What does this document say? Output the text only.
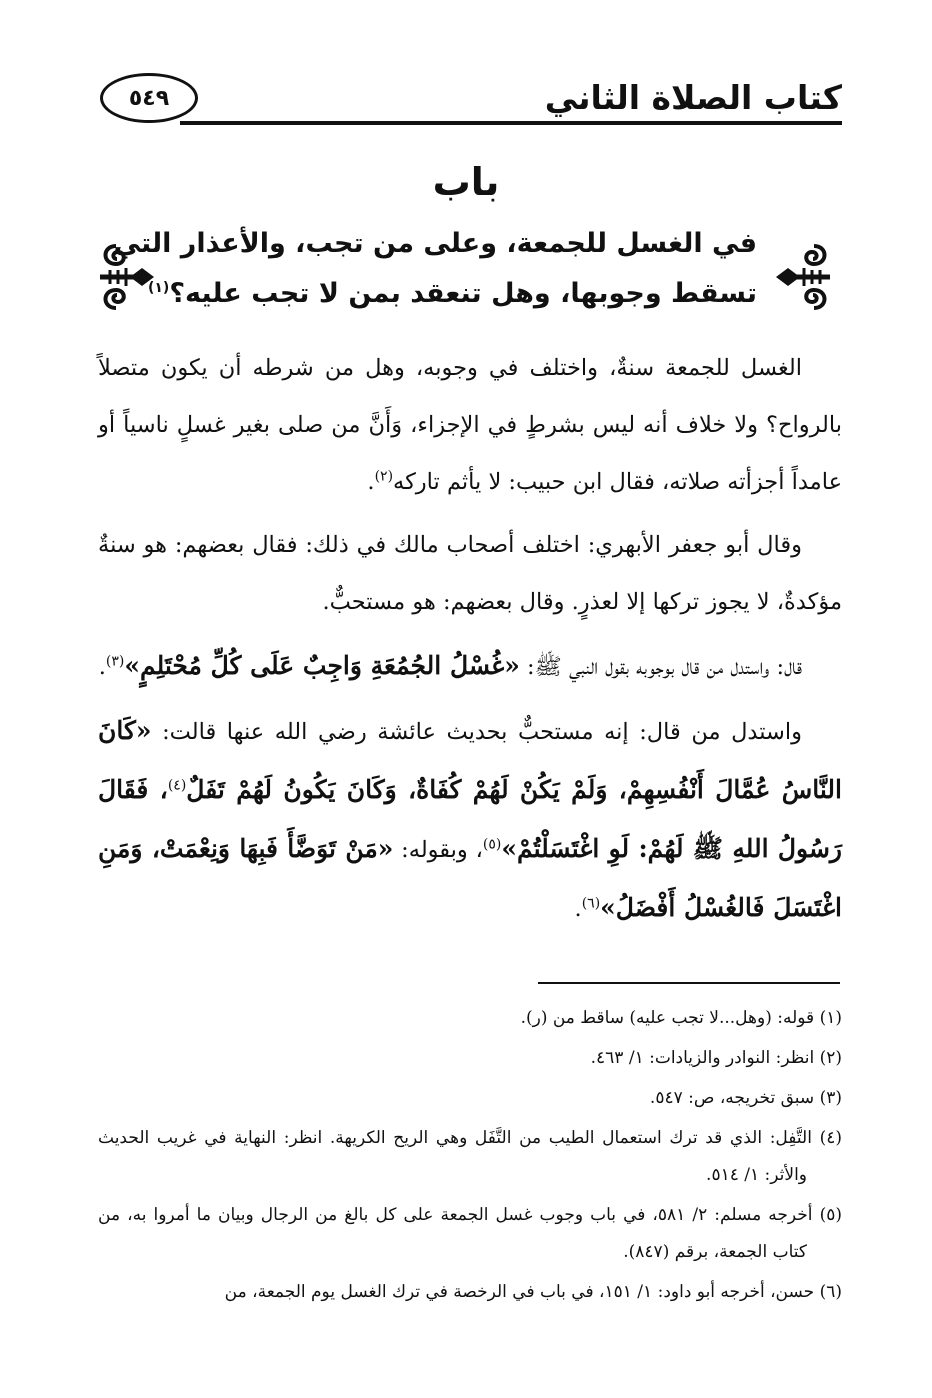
كتاب الصلاة الثاني
٥٤٩
باب
في الغسل للجمعة، وعلى من تجب، والأعذار التي
تسقط وجوبها، وهل تنعقد بمن لا تجب عليه؟$^{(١)}$

الغسل للجمعة سنةٌ، واختلف في وجوبه، وهل من شرطه أن يكون متصلاً بالرواح؟ ولا خلاف أنه ليس بشرطٍ في الإجزاء، وَأَنَّ من صلى بغير غسلٍ ناسياً أو عامداً أجزأته صلاته، فقال ابن حبيب: لا يأثم تاركه$^{(٢)}$.

وقال أبو جعفر الأبهري: اختلف أصحاب مالك في ذلك: فقال بعضهم: هو سنةٌ مؤكدةٌ، لا يجوز تركها إلا لعذرٍ. وقال بعضهم: هو مستحبٌّ.

قال: واستدل من قال بوجوبه بقول النبي ﷺ: «غُسْلُ الجُمُعَةِ وَاجِبٌ عَلَى كُلِّ مُحْتَلِمٍ»$^{(٣)}$.

واستدل من قال: إنه مستحبٌّ بحديث عائشة رضي الله عنها قالت: «كَانَ النَّاسُ عُمَّالَ أَنْفُسِهِمْ، وَلَمْ يَكُنْ لَهُمْ كُفَاةٌ، وَكَانَ يَكُونُ لَهُمْ تَفَلٌ$^{(٤)}$، فَقَالَ رَسُولُ اللهِ ﷺ لَهُمْ: لَوِ اغْتَسَلْتُمْ»$^{(٥)}$، وبقوله: «مَنْ تَوَضَّأَ فَبِهَا وَنِعْمَتْ، وَمَنِ اغْتَسَلَ فَالغُسْلُ أَفْضَلُ»$^{(٦)}$.

(١) قوله: (وهل...لا تجب عليه) ساقط من (ر).

(٢) انظر: النوادر والزيادات: ١/ ٤٦٣.

(٣) سبق تخريجه، ص: ٥٤٧.

(٤) التَّفِل: الذي قد ترك استعمال الطيب من التَّفَل وهي الريح الكريهة. انظر: النهاية في غريب الحديث والأثر: ١/ ٥١٤.

(٥) أخرجه مسلم: ٢/ ٥٨١، في باب وجوب غسل الجمعة على كل بالغ من الرجال وبيان ما أمروا به، من كتاب الجمعة، برقم (٨٤٧).

(٦) حسن، أخرجه أبو داود: ١/ ١٥١، في باب في الرخصة في ترك الغسل يوم الجمعة، من
